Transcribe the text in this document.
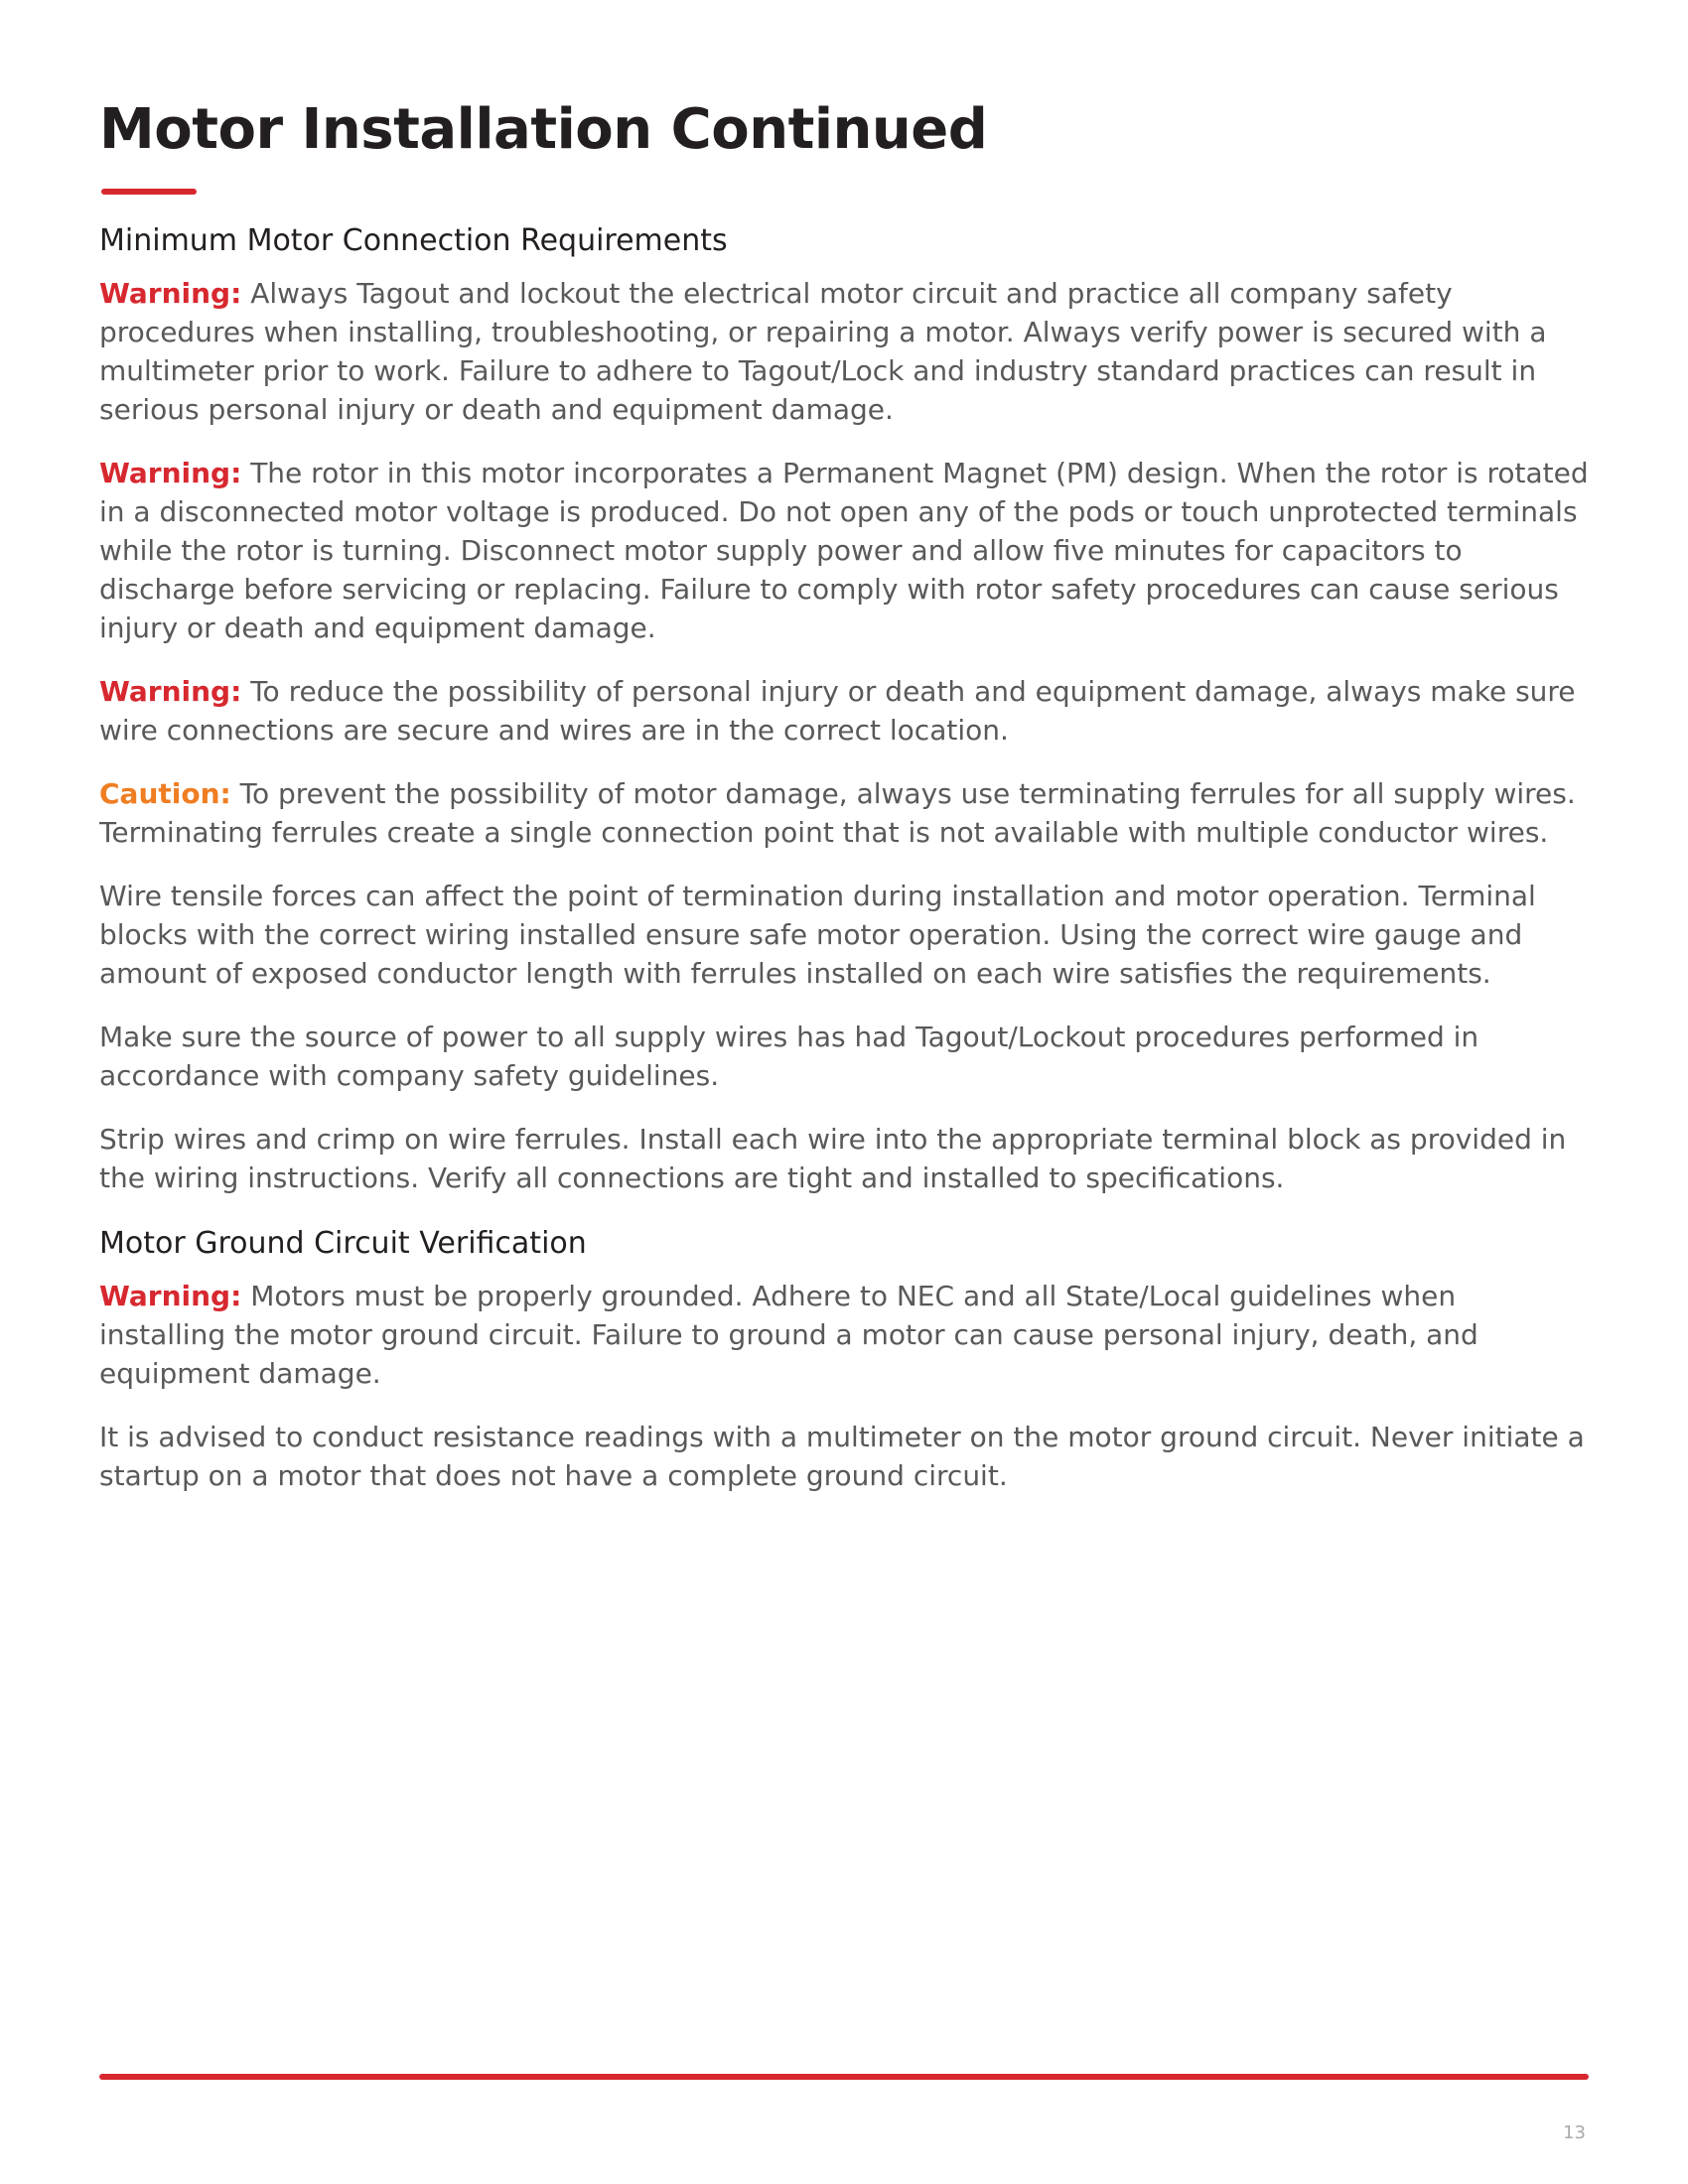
Motor Installation Continued
Minimum Motor Connection Requirements

Warning: Always Tagout and lockout the electrical motor circuit and practice all company safety procedures when installing, troubleshooting, or repairing a motor. Always verify power is secured with a multimeter prior to work. Failure to adhere to Tagout/Lock and industry standard practices can result in serious personal injury or death and equipment damage.

Warning: The rotor in this motor incorporates a Permanent Magnet (PM) design. When the rotor is rotated in a disconnected motor voltage is produced. Do not open any of the pods or touch unprotected terminals while the rotor is turning. Disconnect motor supply power and allow five minutes for capacitors to discharge before servicing or replacing. Failure to comply with rotor safety procedures can cause serious injury or death and equipment damage.

Warning: To reduce the possibility of personal injury or death and equipment damage, always make sure wire connections are secure and wires are in the correct location.

Caution: To prevent the possibility of motor damage, always use terminating ferrules for all supply wires. Terminating ferrules create a single connection point that is not available with multiple conductor wires.

Wire tensile forces can affect the point of termination during installation and motor operation. Terminal blocks with the correct wiring installed ensure safe motor operation. Using the correct wire gauge and amount of exposed conductor length with ferrules installed on each wire satisfies the requirements.

Make sure the source of power to all supply wires has had Tagout/Lockout procedures performed in accordance with company safety guidelines.

Strip wires and crimp on wire ferrules. Install each wire into the appropriate terminal block as provided in the wiring instructions. Verify all connections are tight and installed to specifications.

Motor Ground Circuit Verification

Warning: Motors must be properly grounded. Adhere to NEC and all State/Local guidelines when installing the motor ground circuit. Failure to ground a motor can cause personal injury, death, and equipment damage.

It is advised to conduct resistance readings with a multimeter on the motor ground circuit. Never initiate a startup on a motor that does not have a complete ground circuit.

13
